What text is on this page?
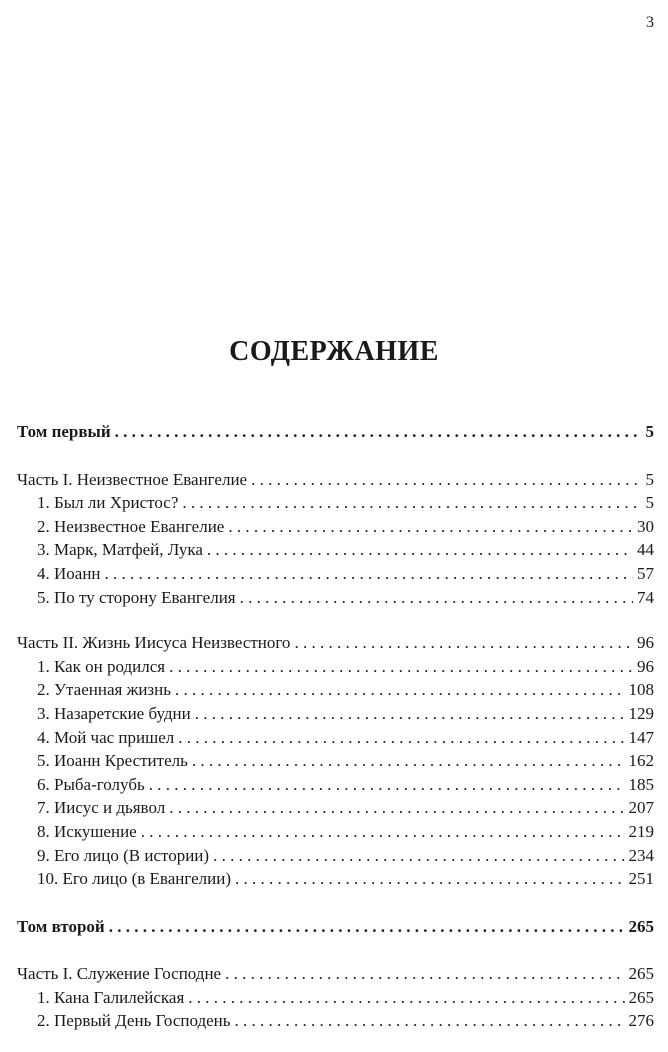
3
СОДЕРЖАНИЕ
Том первый . . .	5
Часть I. Неизвестное Евангелие . . .	5
1. Был ли Христос? . . .	5
2. Неизвестное Евангелие . . .	30
3. Марк, Матфей, Лука . . .	44
4. Иоанн . . .	57
5. По ту сторону Евангелия . . .	74
Часть II. Жизнь Иисуса Неизвестного . . .	96
1. Как он родился . . .	96
2. Утаенная жизнь . . .	108
3. Назаретские будни . . .	129
4. Мой час пришел . . .	147
5. Иоанн Креститель . . .	162
6. Рыба-голубь . . .	185
7. Иисус и дьявол . . .	207
8. Искушение . . .	219
9. Его лицо (В истории) . . .	234
10. Его лицо (в Евангелии) . . .	251
Том второй . . .	265
Часть I. Служение Господне . . .	265
1. Кана Галилейская . . .	265
2. Первый День Господень . . .	276
